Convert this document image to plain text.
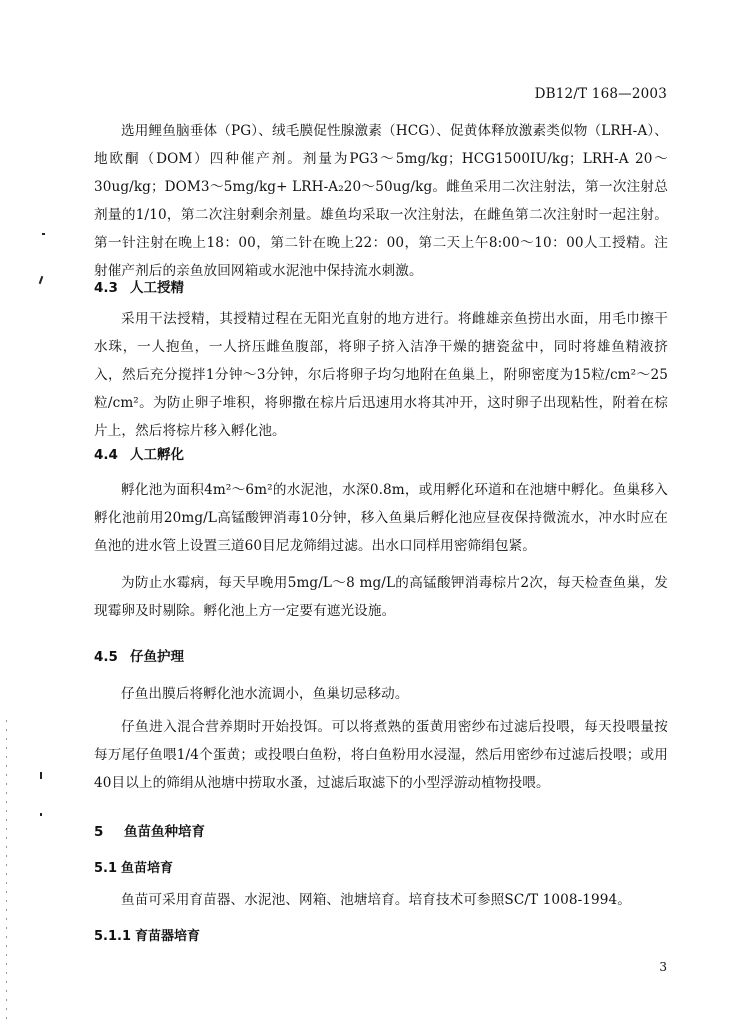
DB12/T 168—2003

选用鲤鱼脑垂体（PG）、绒毛膜促性腺激素（HCG）、促黄体释放激素类似物（LRH-A）、地欧酮（DOM）四种催产剂。剂量为PG3～5mg/kg；HCG1500IU/kg；LRH-A 20～30ug/kg；DOM3～5mg/kg+ LRH-A₂20～50ug/kg。雌鱼采用二次注射法，第一次注射总剂量的1/10，第二次注射剩余剂量。雄鱼均采取一次注射法，在雌鱼第二次注射时一起注射。第一针注射在晚上18：00，第二针在晚上22：00，第二天上午8:00～10：00人工授精。注射催产剂后的亲鱼放回网箱或水泥池中保持流水刺激。

4.3 人工授精

采用干法授精，其授精过程在无阳光直射的地方进行。将雌雄亲鱼捞出水面，用毛巾擦干水珠，一人抱鱼，一人挤压雌鱼腹部，将卵子挤入洁净干燥的搪瓷盆中，同时将雄鱼精液挤入，然后充分搅拌1分钟～3分钟，尔后将卵子均匀地附在鱼巢上，附卵密度为15粒/cm²～25粒/cm²。为防止卵子堆积，将卵撒在棕片后迅速用水将其冲开，这时卵子出现粘性，附着在棕片上，然后将棕片移入孵化池。

4.4 人工孵化

孵化池为面积4m²～6m²的水泥池，水深0.8m，或用孵化环道和在池塘中孵化。鱼巢移入孵化池前用20mg/L高锰酸钾消毒10分钟，移入鱼巢后孵化池应昼夜保持微流水，冲水时应在鱼池的进水管上设置三道60目尼龙筛绢过滤。出水口同样用密筛绢包紧。

为防止水霉病，每天早晚用5mg/L～8 mg/L的高锰酸钾消毒棕片2次，每天检查鱼巢，发现霉卵及时剔除。孵化池上方一定要有遮光设施。

4.5 仔鱼护理

仔鱼出膜后将孵化池水流调小，鱼巢切忌移动。

仔鱼进入混合营养期时开始投饵。可以将煮熟的蛋黄用密纱布过滤后投喂，每天投喂量按每万尾仔鱼喂1/4个蛋黄；或投喂白鱼粉，将白鱼粉用水浸湿，然后用密纱布过滤后投喂；或用40目以上的筛绢从池塘中捞取水蚤，过滤后取滤下的小型浮游动植物投喂。

5 鱼苗鱼种培育
5.1 鱼苗培育

鱼苗可采用育苗器、水泥池、网箱、池塘培育。培育技术可参照SC/T 1008-1994。

5.1.1 育苗器培育
3
